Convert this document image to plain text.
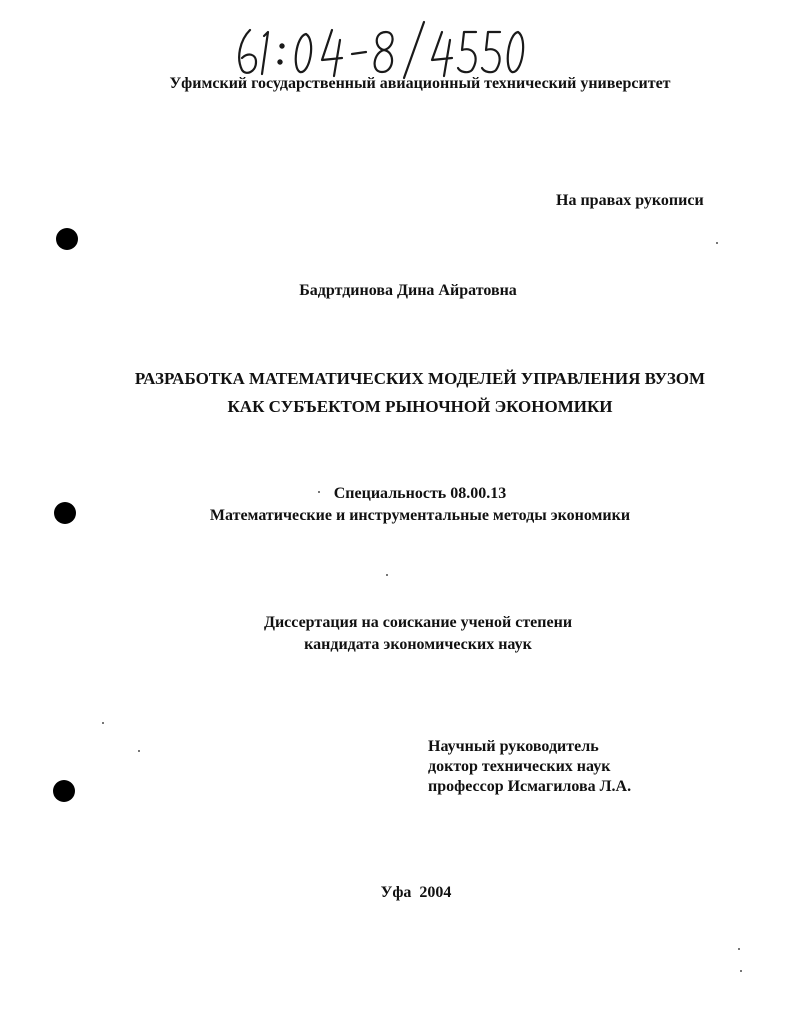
Уфимский государственный авиационный технический университет
На правах рукописи
Бадртдинова Дина Айратовна
РАЗРАБОТКА МАТЕМАТИЧЕСКИХ МОДЕЛЕЙ УПРАВЛЕНИЯ ВУЗОМ
КАК СУБЪЕКТОМ РЫНОЧНОЙ ЭКОНОМИКИ
Специальность 08.00.13
Математические и инструментальные методы экономики
Диссертация на соискание ученой степени
кандидата экономических наук
Научный руководитель
доктор технических наук
профессор Исмагилова Л.А.
Уфа  2004
